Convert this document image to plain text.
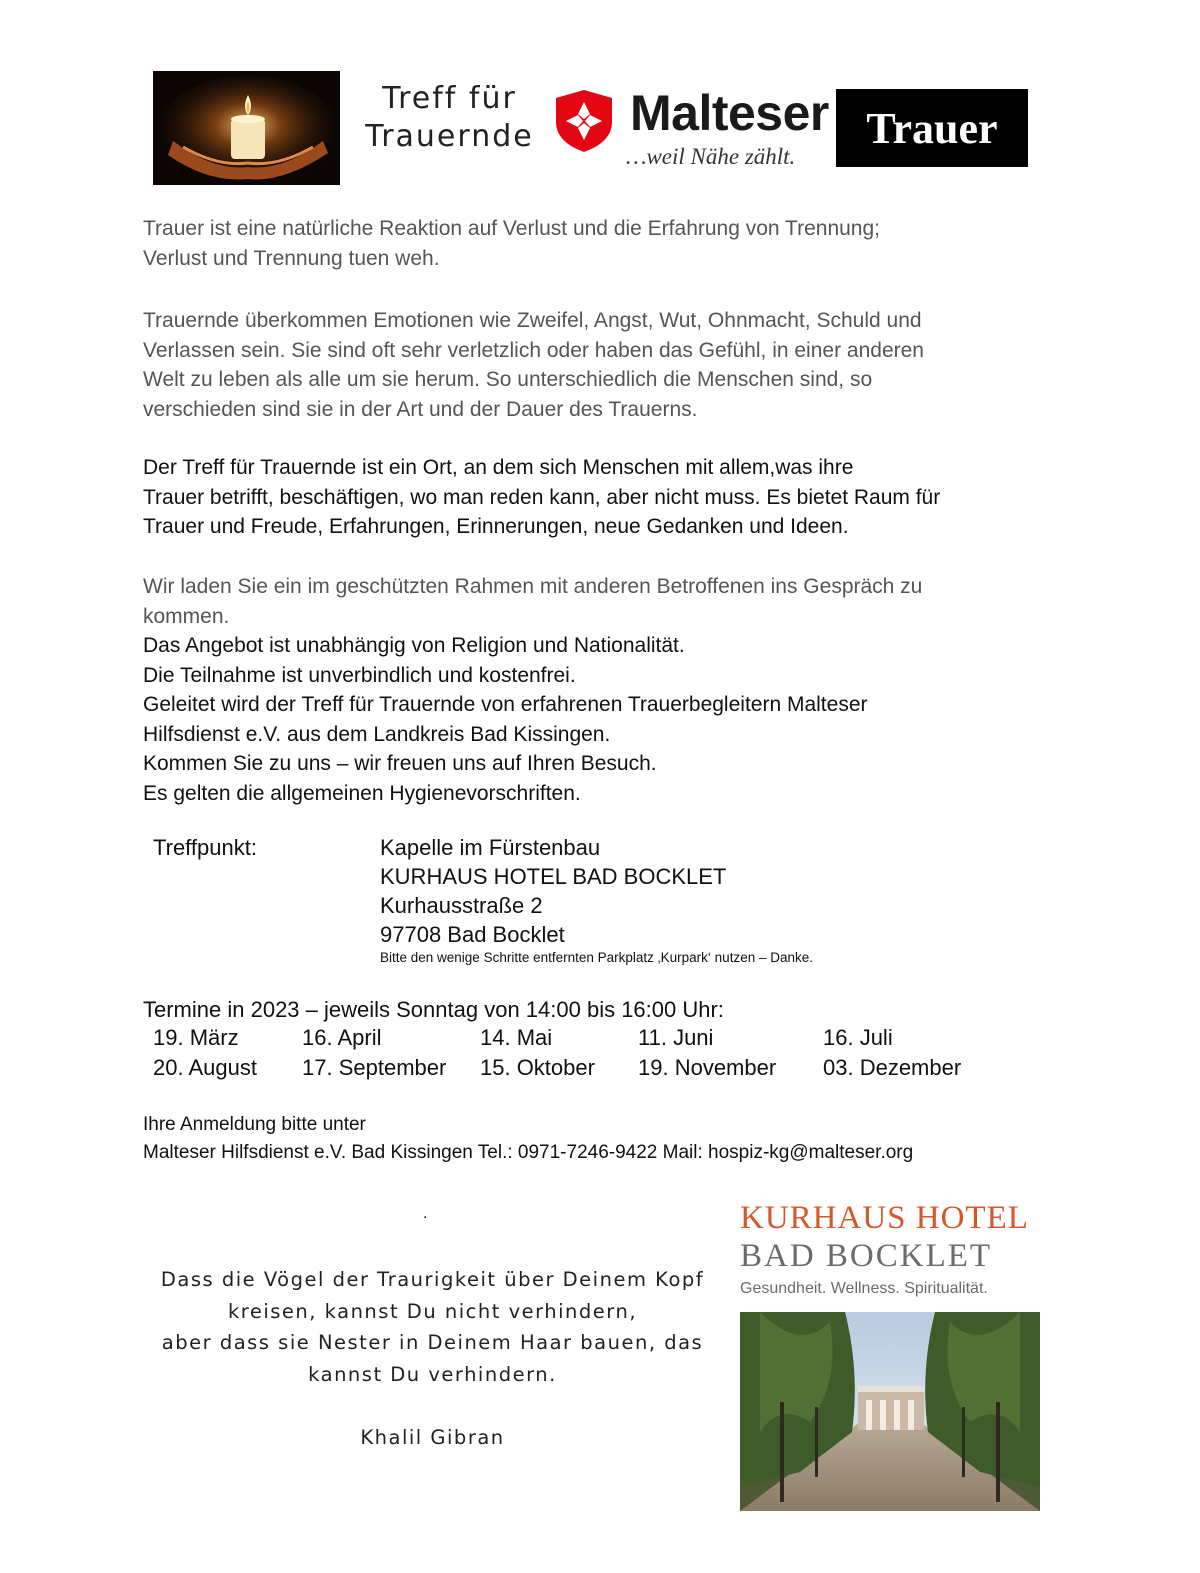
Treff für
Trauernde Malteser
…weil Nähe zählt.
Trauer
Trauer ist eine natürliche Reaktion auf Verlust und die Erfahrung von Trennung;
Verlust und Trennung tuen weh.
Trauernde überkommen Emotionen wie Zweifel, Angst, Wut, Ohnmacht, Schuld und
Verlassen sein. Sie sind oft sehr verletzlich oder haben das Gefühl, in einer anderen
Welt zu leben als alle um sie herum. So unterschiedlich die Menschen sind, so
verschieden sind sie in der Art und der Dauer des Trauerns.
Der Treff für Trauernde ist ein Ort, an dem sich Menschen mit allem,was ihre
Trauer betrifft, beschäftigen, wo man reden kann, aber nicht muss. Es bietet Raum für
Trauer und Freude, Erfahrungen, Erinnerungen, neue Gedanken und Ideen.
Wir laden Sie ein im geschützten Rahmen mit anderen Betroffenen ins Gespräch zu
kommen.
Das Angebot ist unabhängig von Religion und Nationalität.
Die Teilnahme ist unverbindlich und kostenfrei.
Geleitet wird der Treff für Trauernde von erfahrenen Trauerbegleitern Malteser
Hilfsdienst e.V. aus dem Landkreis Bad Kissingen.
Kommen Sie zu uns – wir freuen uns auf Ihren Besuch.
Es gelten die allgemeinen Hygienevorschriften.
Treffpunkt:	Kapelle im Fürstenbau
KURHAUS HOTEL BAD BOCKLET
Kurhausstraße 2
97708 Bad Bocklet
Bitte den wenige Schritte entfernten Parkplatz ‚Kurpark‘ nutzen – Danke.
Termine in 2023 – jeweils Sonntag von 14:00 bis 16:00 Uhr:
19. März	16. April	14. Mai	11. Juni	16. Juli
20. August 17. September 15. Oktober 19. November 03. Dezember
Ihre Anmeldung bitte unter
Malteser Hilfsdienst e.V. Bad Kissingen Tel.: 0971-7246-9422 Mail: hospiz-kg@malteser.org
.
Dass die Vögel der Traurigkeit über Deinem Kopf
kreisen, kannst Du nicht verhindern,
aber dass sie Nester in Deinem Haar bauen, das
kannst Du verhindern.
Khalil Gibran
KURHAUS HOTEL
BAD BOCKLET
Gesundheit. Wellness. Spiritualität.
